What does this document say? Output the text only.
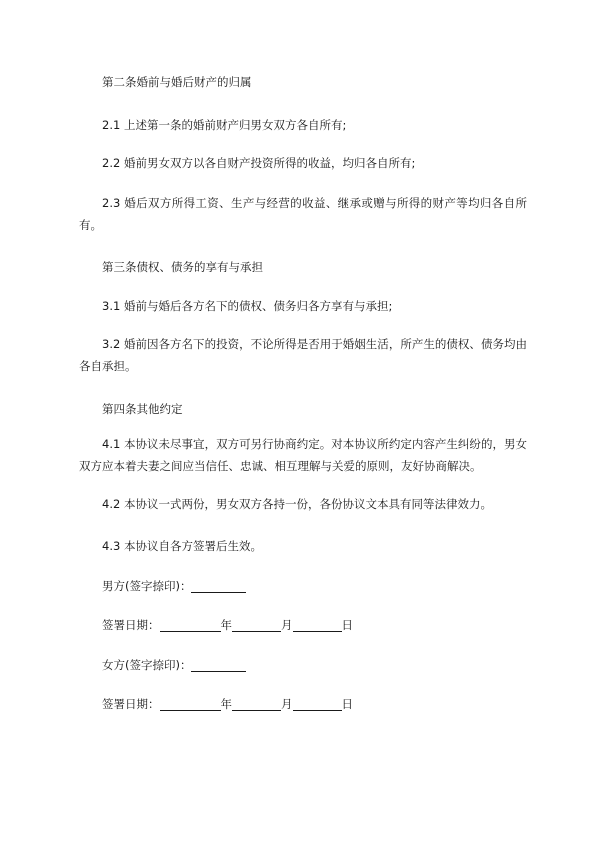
第二条婚前与婚后财产的归属
2.1 上述第一条的婚前财产归男女双方各自所有;
2.2 婚前男女双方以各自财产投资所得的收益，均归各自所有;
2.3 婚后双方所得工资、生产与经营的收益、继承或赠与所得的财产等均归各自所有。
第三条债权、债务的享有与承担
3.1 婚前与婚后各方名下的债权、债务归各方享有与承担;
3.2 婚前因各方名下的投资，不论所得是否用于婚姻生活，所产生的债权、债务均由各自承担。
第四条其他约定
4.1 本协议未尽事宜，双方可另行协商约定。对本协议所约定内容产生纠纷的，男女双方应本着夫妻之间应当信任、忠诚、相互理解与关爱的原则，友好协商解决。
4.2 本协议一式两份，男女双方各持一份，各份协议文本具有同等法律效力。
4.3 本协议自各方签署后生效。
男方(签字捺印)：
签署日期：	年	月	日
女方(签字捺印)：
签署日期：	年	月	日
